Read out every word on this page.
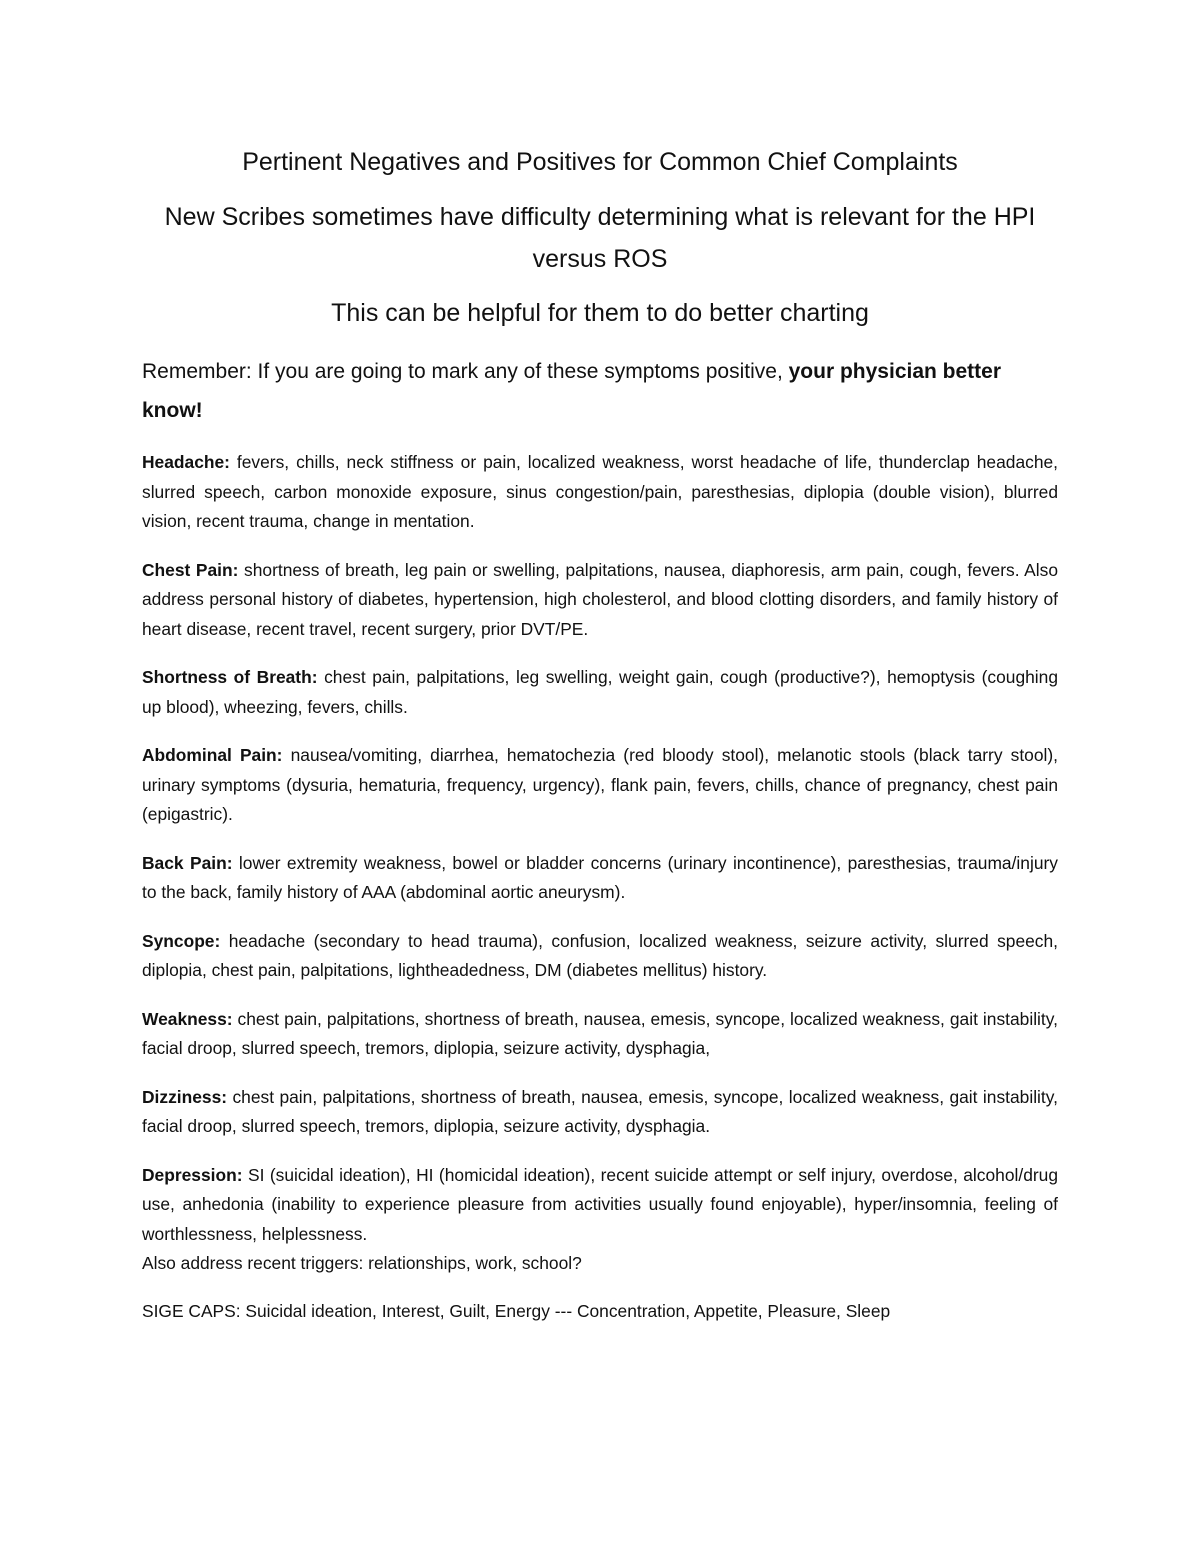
Pertinent Negatives and Positives for Common Chief Complaints
New Scribes sometimes have difficulty determining what is relevant for the HPI versus ROS
This can be helpful for them to do better charting

Remember: If you are going to mark any of these symptoms positive, your physician better know!

Headache: fevers, chills, neck stiffness or pain, localized weakness, worst headache of life, thunderclap headache, slurred speech, carbon monoxide exposure, sinus congestion/pain, paresthesias, diplopia (double vision), blurred vision, recent trauma, change in mentation.

Chest Pain: shortness of breath, leg pain or swelling, palpitations, nausea, diaphoresis, arm pain, cough, fevers. Also address personal history of diabetes, hypertension, high cholesterol, and blood clotting disorders, and family history of heart disease, recent travel, recent surgery, prior DVT/PE.

Shortness of Breath: chest pain, palpitations, leg swelling, weight gain, cough (productive?), hemoptysis (coughing up blood), wheezing, fevers, chills.

Abdominal Pain: nausea/vomiting, diarrhea, hematochezia (red bloody stool), melanotic stools (black tarry stool), urinary symptoms (dysuria, hematuria, frequency, urgency), flank pain, fevers, chills, chance of pregnancy, chest pain (epigastric).

Back Pain: lower extremity weakness, bowel or bladder concerns (urinary incontinence), paresthesias, trauma/injury to the back, family history of AAA (abdominal aortic aneurysm).

Syncope: headache (secondary to head trauma), confusion, localized weakness, seizure activity, slurred speech, diplopia, chest pain, palpitations, lightheadedness, DM (diabetes mellitus) history.

Weakness: chest pain, palpitations, shortness of breath, nausea, emesis, syncope, localized weakness, gait instability, facial droop, slurred speech, tremors, diplopia, seizure activity, dysphagia,

Dizziness: chest pain, palpitations, shortness of breath, nausea, emesis, syncope, localized weakness, gait instability, facial droop, slurred speech, tremors, diplopia, seizure activity, dysphagia.

Depression: SI (suicidal ideation), HI (homicidal ideation), recent suicide attempt or self injury, overdose, alcohol/drug use, anhedonia (inability to experience pleasure from activities usually found enjoyable), hyper/insomnia, feeling of worthlessness, helplessness.
Also address recent triggers: relationships, work, school?

SIGE CAPS: Suicidal ideation, Interest, Guilt, Energy --- Concentration, Appetite, Pleasure, Sleep
